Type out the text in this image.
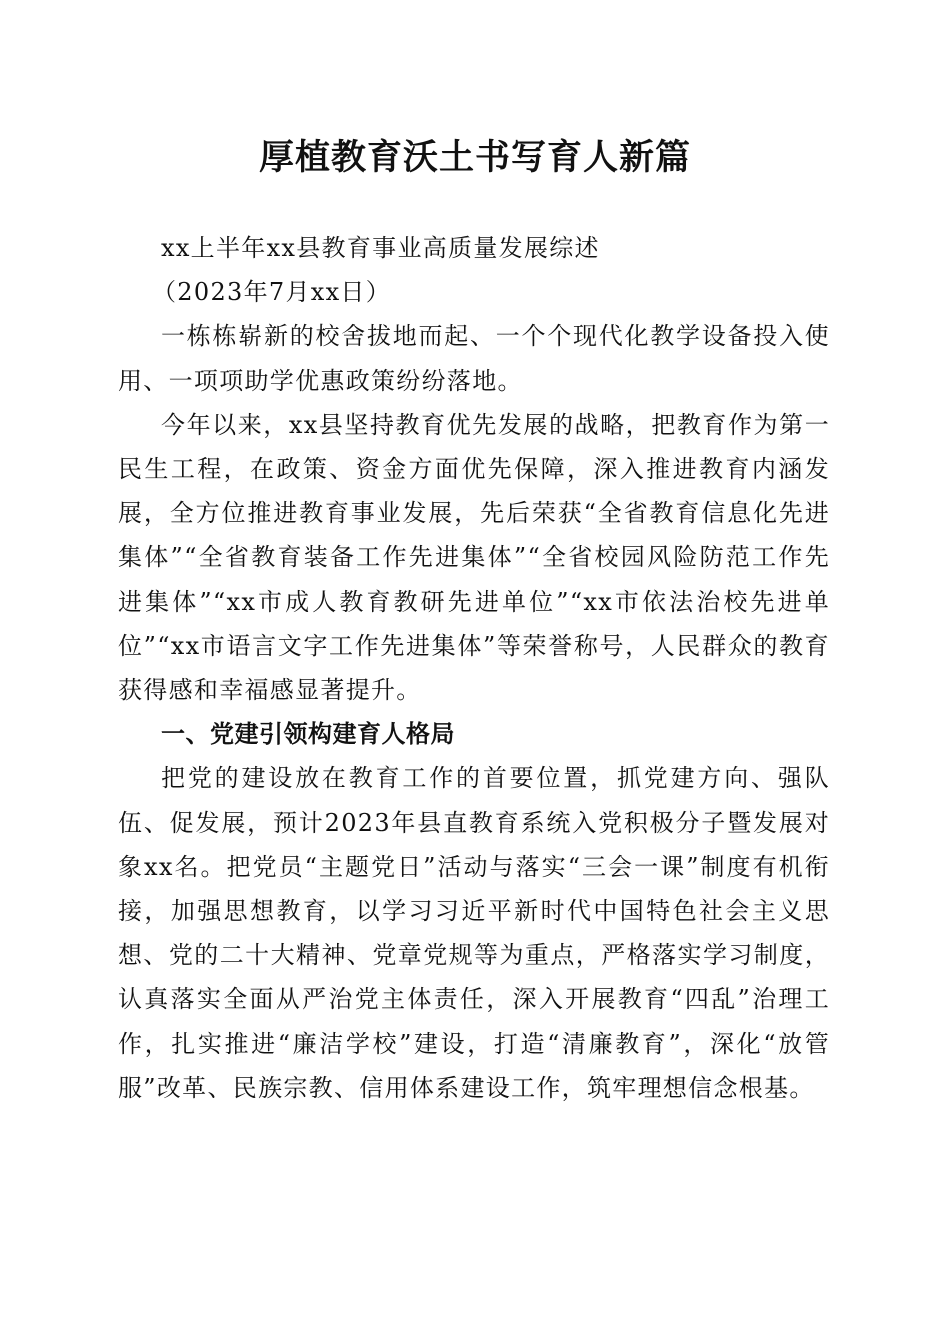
厚植教育沃土书写育人新篇

xx上半年xx县教育事业高质量发展综述

（2023年7月xx日）

一栋栋崭新的校舍拔地而起、一个个现代化教学设备投入使用、一项项助学优惠政策纷纷落地。

今年以来，xx县坚持教育优先发展的战略，把教育作为第一民生工程，在政策、资金方面优先保障，深入推进教育内涵发展，全方位推进教育事业发展，先后荣获“全省教育信息化先进集体”“全省教育装备工作先进集体”“全省校园风险防范工作先进集体”“xx市成人教育教研先进单位”“xx市依法治校先进单位”“xx市语言文字工作先进集体”等荣誉称号，人民群众的教育获得感和幸福感显著提升。

一、党建引领构建育人格局

把党的建设放在教育工作的首要位置，抓党建方向、强队伍、促发展，预计2023年县直教育系统入党积极分子暨发展对象xx名。把党员“主题党日”活动与落实“三会一课”制度有机衔接，加强思想教育，以学习习近平新时代中国特色社会主义思想、党的二十大精神、党章党规等为重点，严格落实学习制度，认真落实全面从严治党主体责任，深入开展教育“四乱”治理工作，扎实推进“廉洁学校”建设，打造“清廉教育”，深化“放管服”改革、民族宗教、信用体系建设工作，筑牢理想信念根基。
